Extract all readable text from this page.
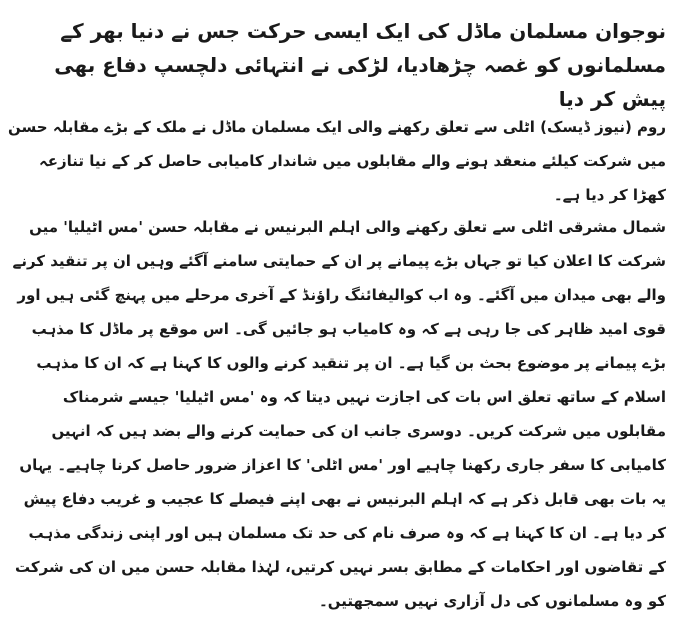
نوجوان مسلمان ماڈل کی ایک ایسی حرکت جس نے دنیا بھر کے مسلمانوں کو غصہ چڑھادیا، لڑکی نے انتہائی دلچسپ دفاع بھی پیش کر دیا

روم (نیوز ڈیسک) اٹلی سے تعلق رکھنے والی ایک مسلمان ماڈل نے ملک کے بڑے مقابلہ حسن میں شرکت کیلئے منعقد ہونے والے مقابلوں میں شاندار کامیابی حاصل کر کے نیا تنازعہ کھڑا کر دیا ہے۔

شمال مشرقی اٹلی سے تعلق رکھنے والی اہلم البرنیس نے مقابلہ حسن 'مس اٹیلیا' میں شرکت کا اعلان کیا تو جہاں بڑے پیمانے پر ان کے حمایتی سامنے آگئے وہیں ان پر تنقید کرنے والے بھی میدان میں آگئے۔ وہ اب کوالیفائنگ راؤنڈ کے آخری مرحلے میں پہنچ گئی ہیں اور قوی امید ظاہر کی جا رہی ہے کہ وہ کامیاب ہو جائیں گی۔ اس موقع پر ماڈل کا مذہب بڑے پیمانے پر موضوع بحث بن گیا ہے۔ ان پر تنقید کرنے والوں کا کہنا ہے کہ ان کا مذہب اسلام کے ساتھ تعلق اس بات کی اجازت نہیں دیتا کہ وہ 'مس اٹیلیا' جیسے شرمناک مقابلوں میں شرکت کریں۔ دوسری جانب ان کی حمایت کرنے والے بضد ہیں کہ انہیں کامیابی کا سفر جاری رکھنا چاہیے اور 'مس اٹلی' کا اعزاز ضرور حاصل کرنا چاہیے۔ یہاں یہ بات بھی قابل ذکر ہے کہ اہلم البرنیس نے بھی اپنے فیصلے کا عجیب و غریب دفاع پیش کر دیا ہے۔ ان کا کہنا ہے کہ وہ صرف نام کی حد تک مسلمان ہیں اور اپنی زندگی مذہب کے تقاضوں اور احکامات کے مطابق بسر نہیں کرتیں، لہٰذا مقابلہ حسن میں ان کی شرکت کو وہ مسلمانوں کی دل آزاری نہیں سمجھتیں۔
